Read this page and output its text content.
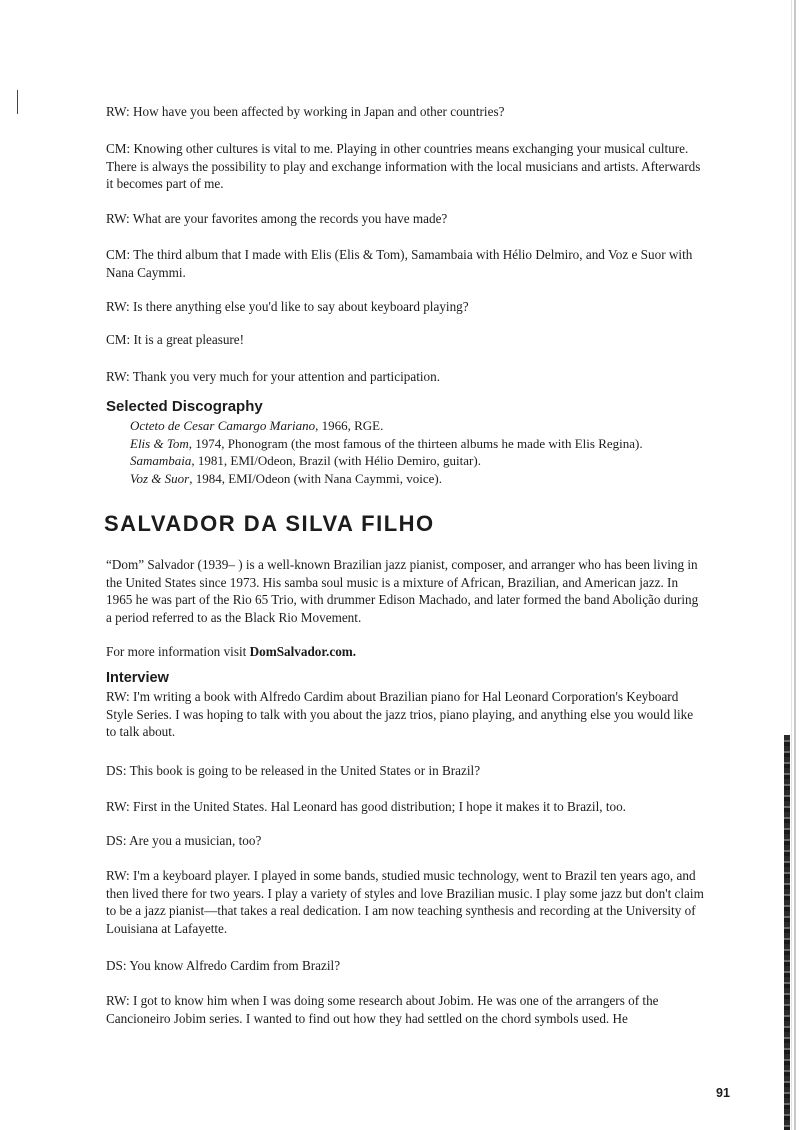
RW: How have you been affected by working in Japan and other countries?

CM: Knowing other cultures is vital to me. Playing in other countries means exchanging your musical culture. There is always the possibility to play and exchange information with the local musicians and artists. Afterwards it becomes part of me.

RW: What are your favorites among the records you have made?

CM: The third album that I made with Elis (Elis & Tom), Samambaia with Hélio Delmiro, and Voz e Suor with Nana Caymmi.

RW: Is there anything else you'd like to say about keyboard playing?

CM: It is a great pleasure!

RW: Thank you very much for your attention and participation.

Selected Discography
Octeto de Cesar Camargo Mariano, 1966, RGE.
Elis & Tom, 1974, Phonogram (the most famous of the thirteen albums he made with Elis Regina).
Samambaia, 1981, EMI/Odeon, Brazil (with Hélio Demiro, guitar).
Voz & Suor, 1984, EMI/Odeon (with Nana Caymmi, voice).
SALVADOR DA SILVA FILHO

“Dom” Salvador (1939– ) is a well-known Brazilian jazz pianist, composer, and arranger who has been living in the United States since 1973. His samba soul music is a mixture of African, Brazilian, and American jazz. In 1965 he was part of the Rio 65 Trio, with drummer Edison Machado, and later formed the band Abolição during a period referred to as the Black Rio Movement.

For more information visit DomSalvador.com.

Interview

RW: I'm writing a book with Alfredo Cardim about Brazilian piano for Hal Leonard Corporation's Keyboard Style Series. I was hoping to talk with you about the jazz trios, piano playing, and anything else you would like to talk about.

DS: This book is going to be released in the United States or in Brazil?

RW: First in the United States. Hal Leonard has good distribution; I hope it makes it to Brazil, too.

DS: Are you a musician, too?

RW: I'm a keyboard player. I played in some bands, studied music technology, went to Brazil ten years ago, and then lived there for two years. I play a variety of styles and love Brazilian music. I play some jazz but don't claim to be a jazz pianist—that takes a real dedication. I am now teaching synthesis and recording at the University of Louisiana at Lafayette.

DS: You know Alfredo Cardim from Brazil?

RW: I got to know him when I was doing some research about Jobim. He was one of the arrangers of the Cancioneiro Jobim series. I wanted to find out how they had settled on the chord symbols used. He

91
